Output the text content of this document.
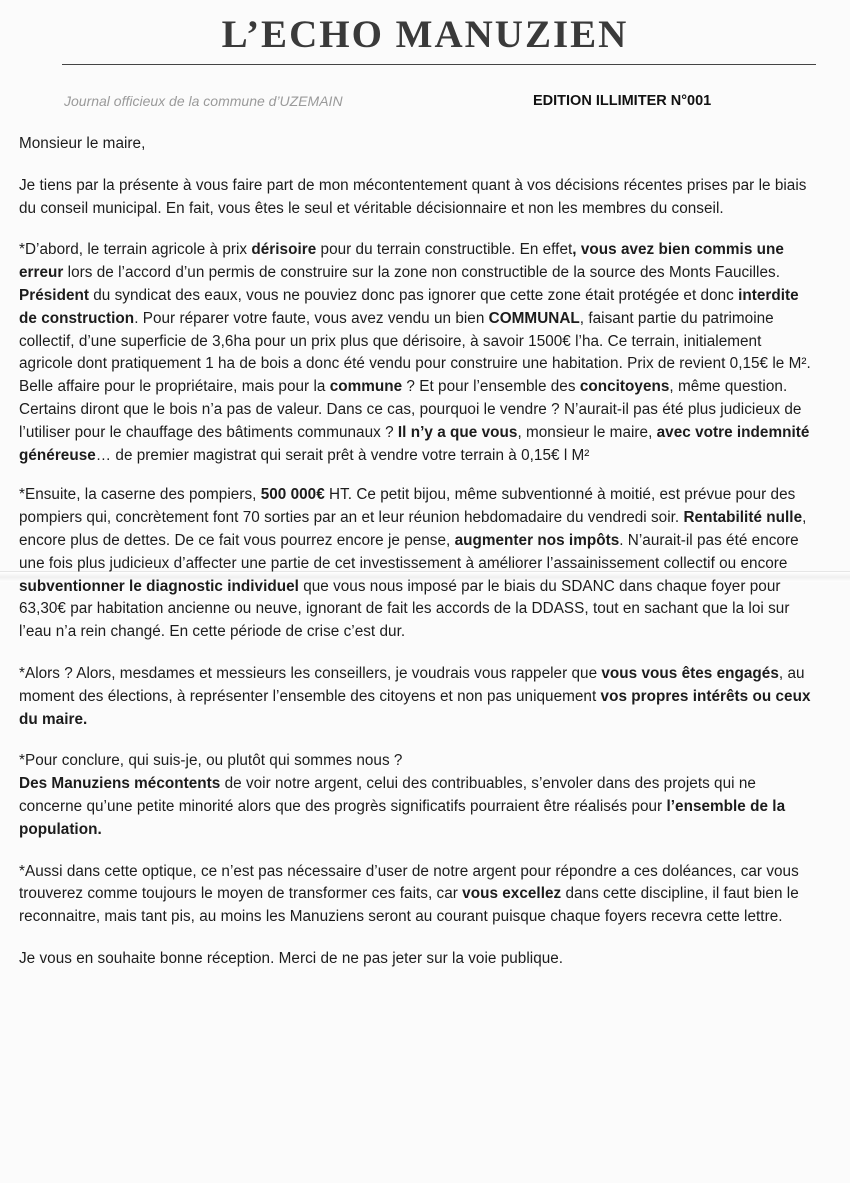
L’ECHO MANUZIEN
Journal officieux de la commune d’UZEMAIN	EDITION ILLIMITER N°001

Monsieur le maire,

Je tiens par la présente à vous faire part de mon mécontentement quant à vos décisions récentes prises par le biais du conseil municipal. En fait, vous êtes le seul et véritable décisionnaire et non les membres du conseil.

*D’abord, le terrain agricole à prix dérisoire pour du terrain constructible. En effet, vous avez bien commis une erreur lors de l’accord d’un permis de construire sur la zone non constructible de la source des Monts Faucilles. Président du syndicat des eaux, vous ne pouviez donc pas ignorer que cette zone était protégée et donc interdite de construction. Pour réparer votre faute, vous avez vendu un bien COMMUNAL, faisant partie du patrimoine collectif, d’une superficie de 3,6ha pour un prix plus que dérisoire, à savoir 1500€ l’ha. Ce terrain, initialement agricole dont pratiquement 1 ha de bois a donc été vendu pour construire une habitation. Prix de revient 0,15€ le M².

Belle affaire pour le propriétaire, mais pour la commune ? Et pour l’ensemble des concitoyens, même question. Certains diront que le bois n’a pas de valeur. Dans ce cas, pourquoi le vendre ? N’aurait-il pas été plus judicieux de l’utiliser pour le chauffage des bâtiments communaux ? Il n’y a que vous, monsieur le maire, avec votre indemnité généreuse… de premier magistrat qui serait prêt à vendre votre terrain à 0,15€ l M²

*Ensuite, la caserne des pompiers, 500 000€ HT. Ce petit bijou, même subventionné à moitié, est prévue pour des pompiers qui, concrètement font 70 sorties par an et leur réunion hebdomadaire du vendredi soir. Rentabilité nulle, encore plus de dettes. De ce fait vous pourrez encore je pense, augmenter nos impôts. N’aurait-il pas été encore une fois plus judicieux d’affecter une partie de cet investissement à améliorer l’assainissement collectif ou encore subventionner le diagnostic individuel que vous nous imposé par le biais du SDANC dans chaque foyer pour 63,30€ par habitation ancienne ou neuve, ignorant de fait les accords de la DDASS, tout en sachant que la loi sur l’eau n’a rein changé. En cette période de crise c’est dur.

*Alors ? Alors, mesdames et messieurs les conseillers, je voudrais vous rappeler que vous vous êtes engagés, au moment des élections, à représenter l’ensemble des citoyens et non pas uniquement vos propres intérêts ou ceux du maire.

*Pour conclure, qui suis-je, ou plutôt qui sommes nous ?

Des Manuziens mécontents de voir notre argent, celui des contribuables, s’envoler dans des projets qui ne concerne qu’une petite minorité alors que des progrès significatifs pourraient être réalisés pour l’ensemble de la population.

*Aussi dans cette optique, ce n’est pas nécessaire d’user de notre argent pour répondre a ces doléances, car vous trouverez comme toujours le moyen de transformer ces faits, car vous excellez dans cette discipline, il faut bien le reconnaitre, mais tant pis, au moins les Manuziens seront au courant puisque chaque foyers recevra cette lettre.

Je vous en souhaite bonne réception. Merci de ne pas jeter sur la voie publique.
